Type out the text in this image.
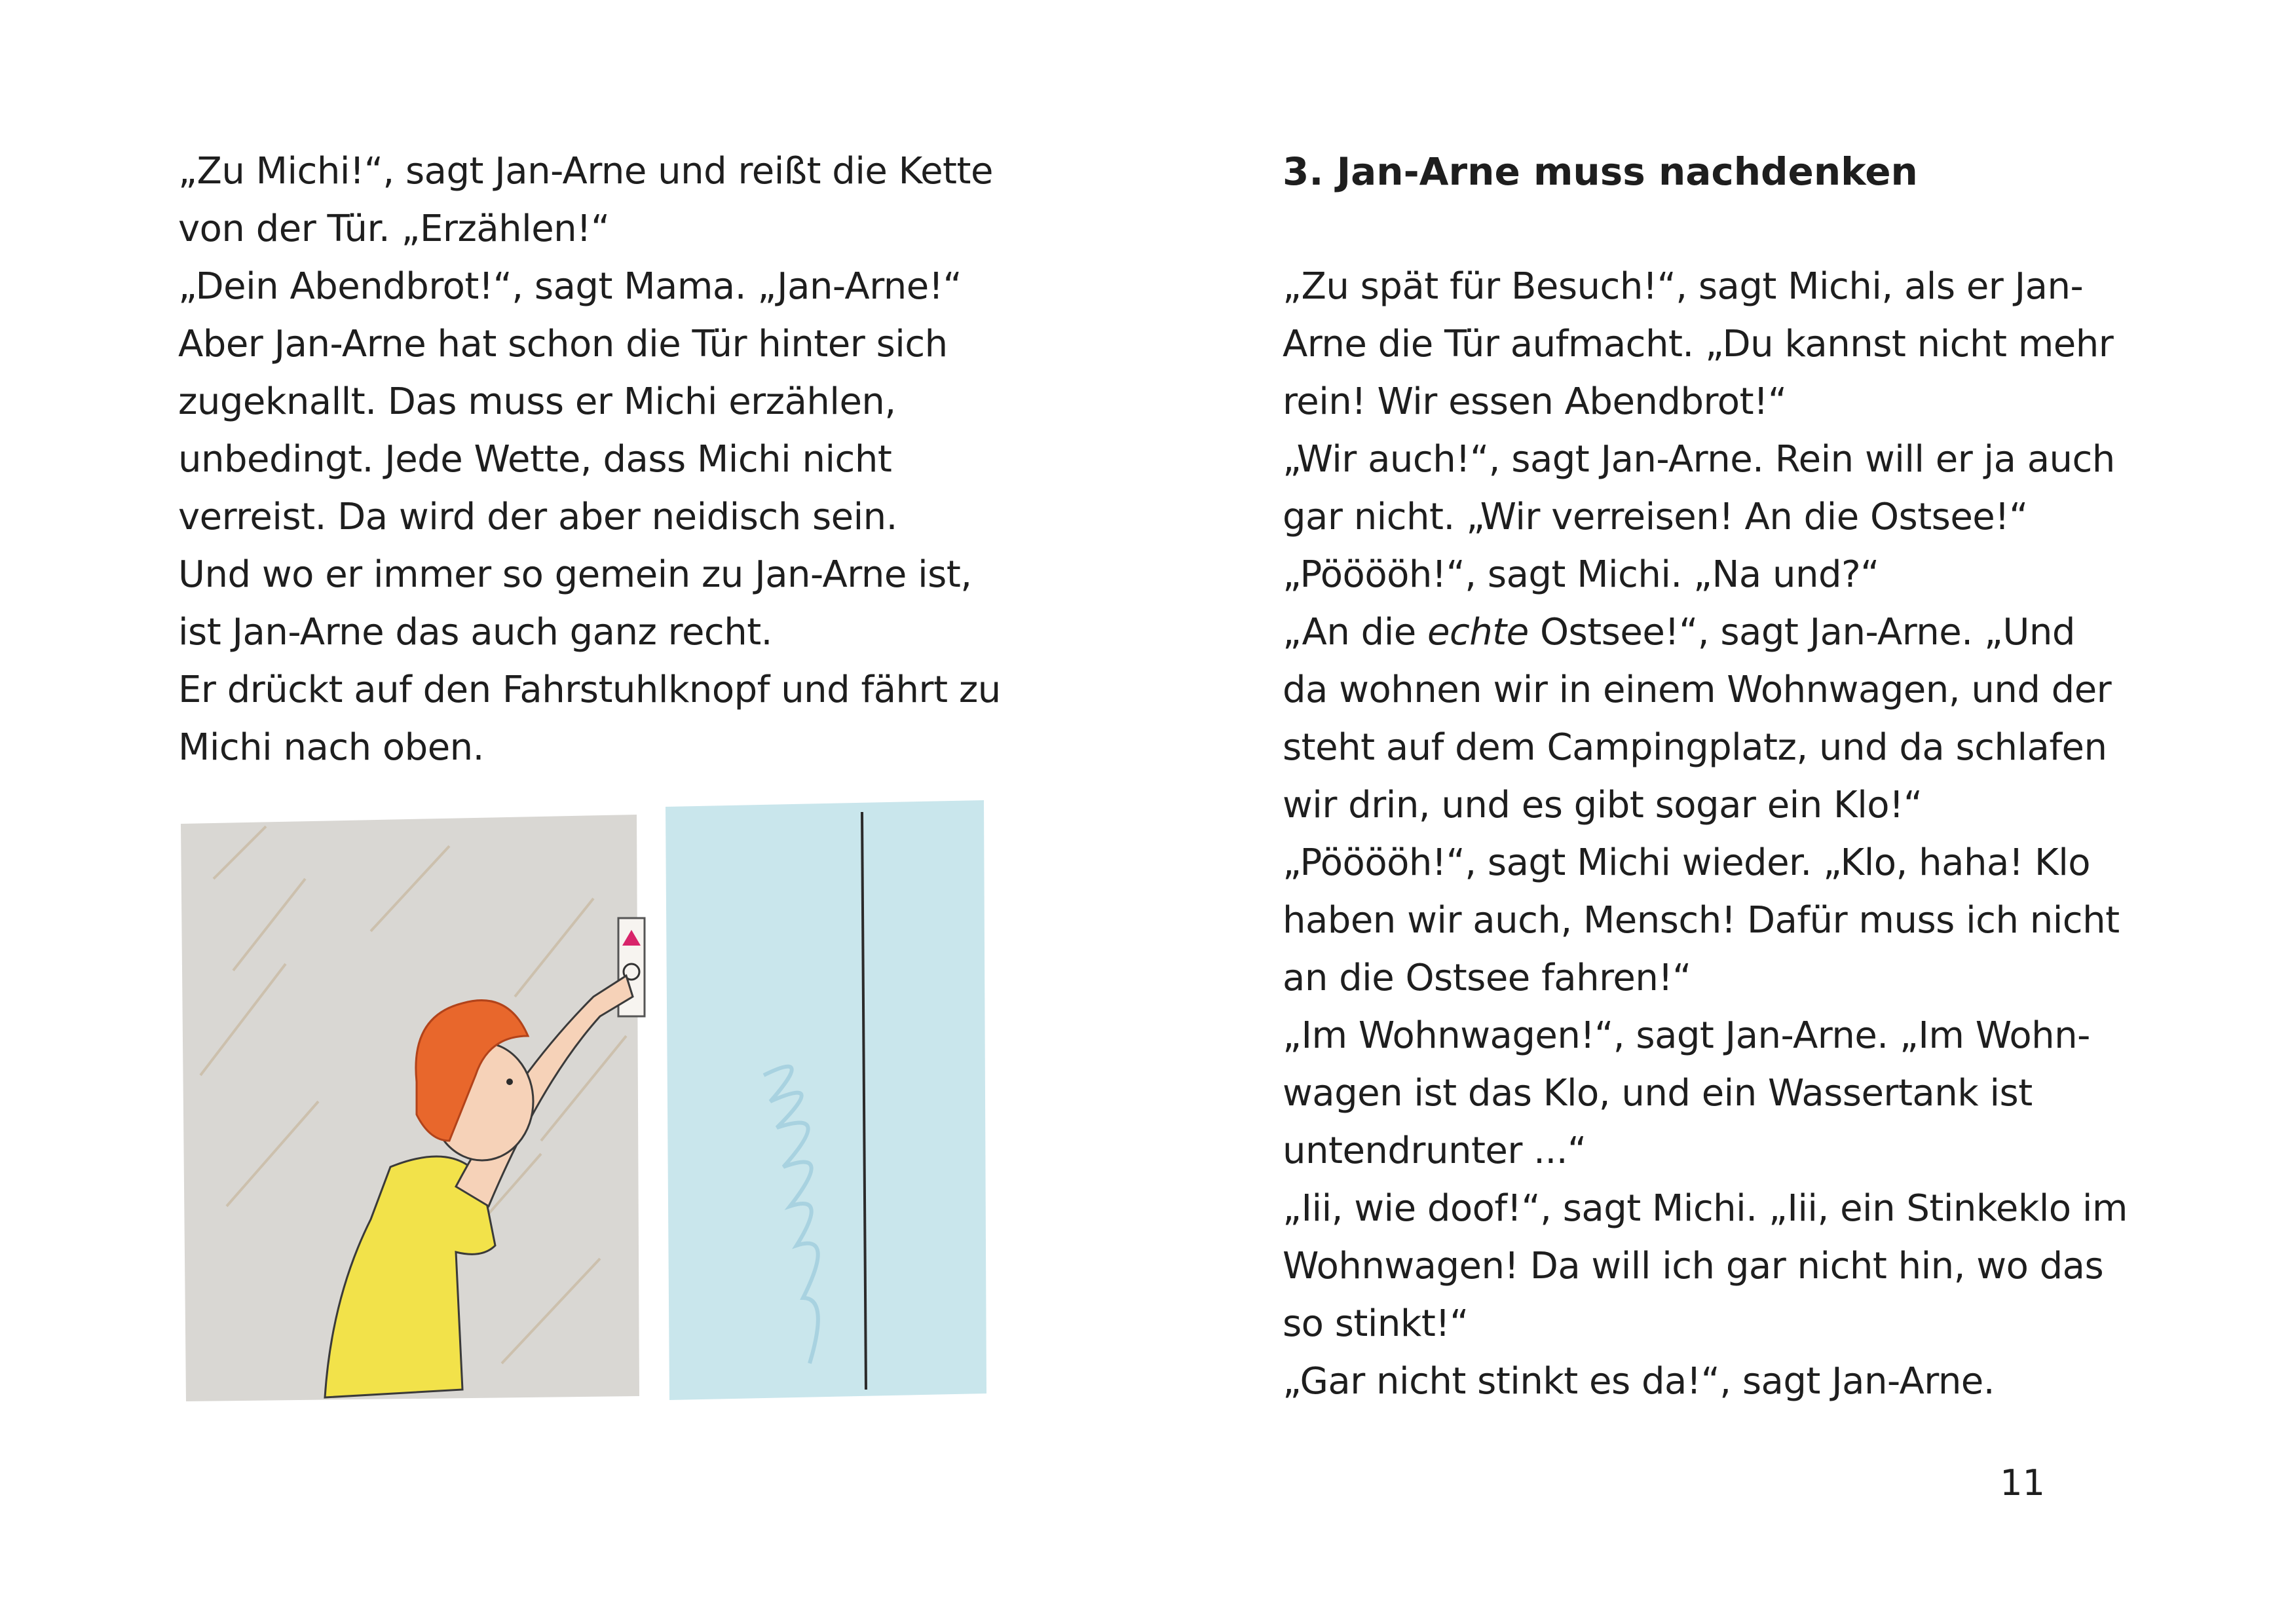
„Zu Michi!“, sagt Jan-Arne und reißt die Kette
von der Tür. „Erzählen!“
„Dein Abendbrot!“, sagt Mama. „Jan-Arne!“
Aber Jan-Arne hat schon die Tür hinter sich
zugeknallt. Das muss er Michi erzählen,
unbedingt. Jede Wette, dass Michi nicht
verreist. Da wird der aber neidisch sein.
Und wo er immer so gemein zu Jan-Arne ist,
ist Jan-Arne das auch ganz recht.
Er drückt auf den Fahrstuhlknopf und fährt zu
Michi nach oben.
3. Jan-Arne muss nachdenken
„Zu spät für Besuch!“, sagt Michi, als er Jan-
Arne die Tür aufmacht. „Du kannst nicht mehr
rein! Wir essen Abendbrot!“
„Wir auch!“, sagt Jan-Arne. Rein will er ja auch
gar nicht. „Wir verreisen! An die Ostsee!“
„Pööööh!“, sagt Michi. „Na und?“
„An die echte Ostsee!“, sagt Jan-Arne. „Und
da wohnen wir in einem Wohnwagen, und der
steht auf dem Campingplatz, und da schlafen
wir drin, und es gibt sogar ein Klo!“
„Pööööh!“, sagt Michi wieder. „Klo, haha! Klo
haben wir auch, Mensch! Dafür muss ich nicht
an die Ostsee fahren!“
„Im Wohnwagen!“, sagt Jan-Arne. „Im Wohn-
wagen ist das Klo, und ein Wassertank ist
untendrunter ...“
„Iii, wie doof!“, sagt Michi. „Iii, ein Stinkeklo im
Wohnwagen! Da will ich gar nicht hin, wo das
so stinkt!“
„Gar nicht stinkt es da!“, sagt Jan-Arne.
11
